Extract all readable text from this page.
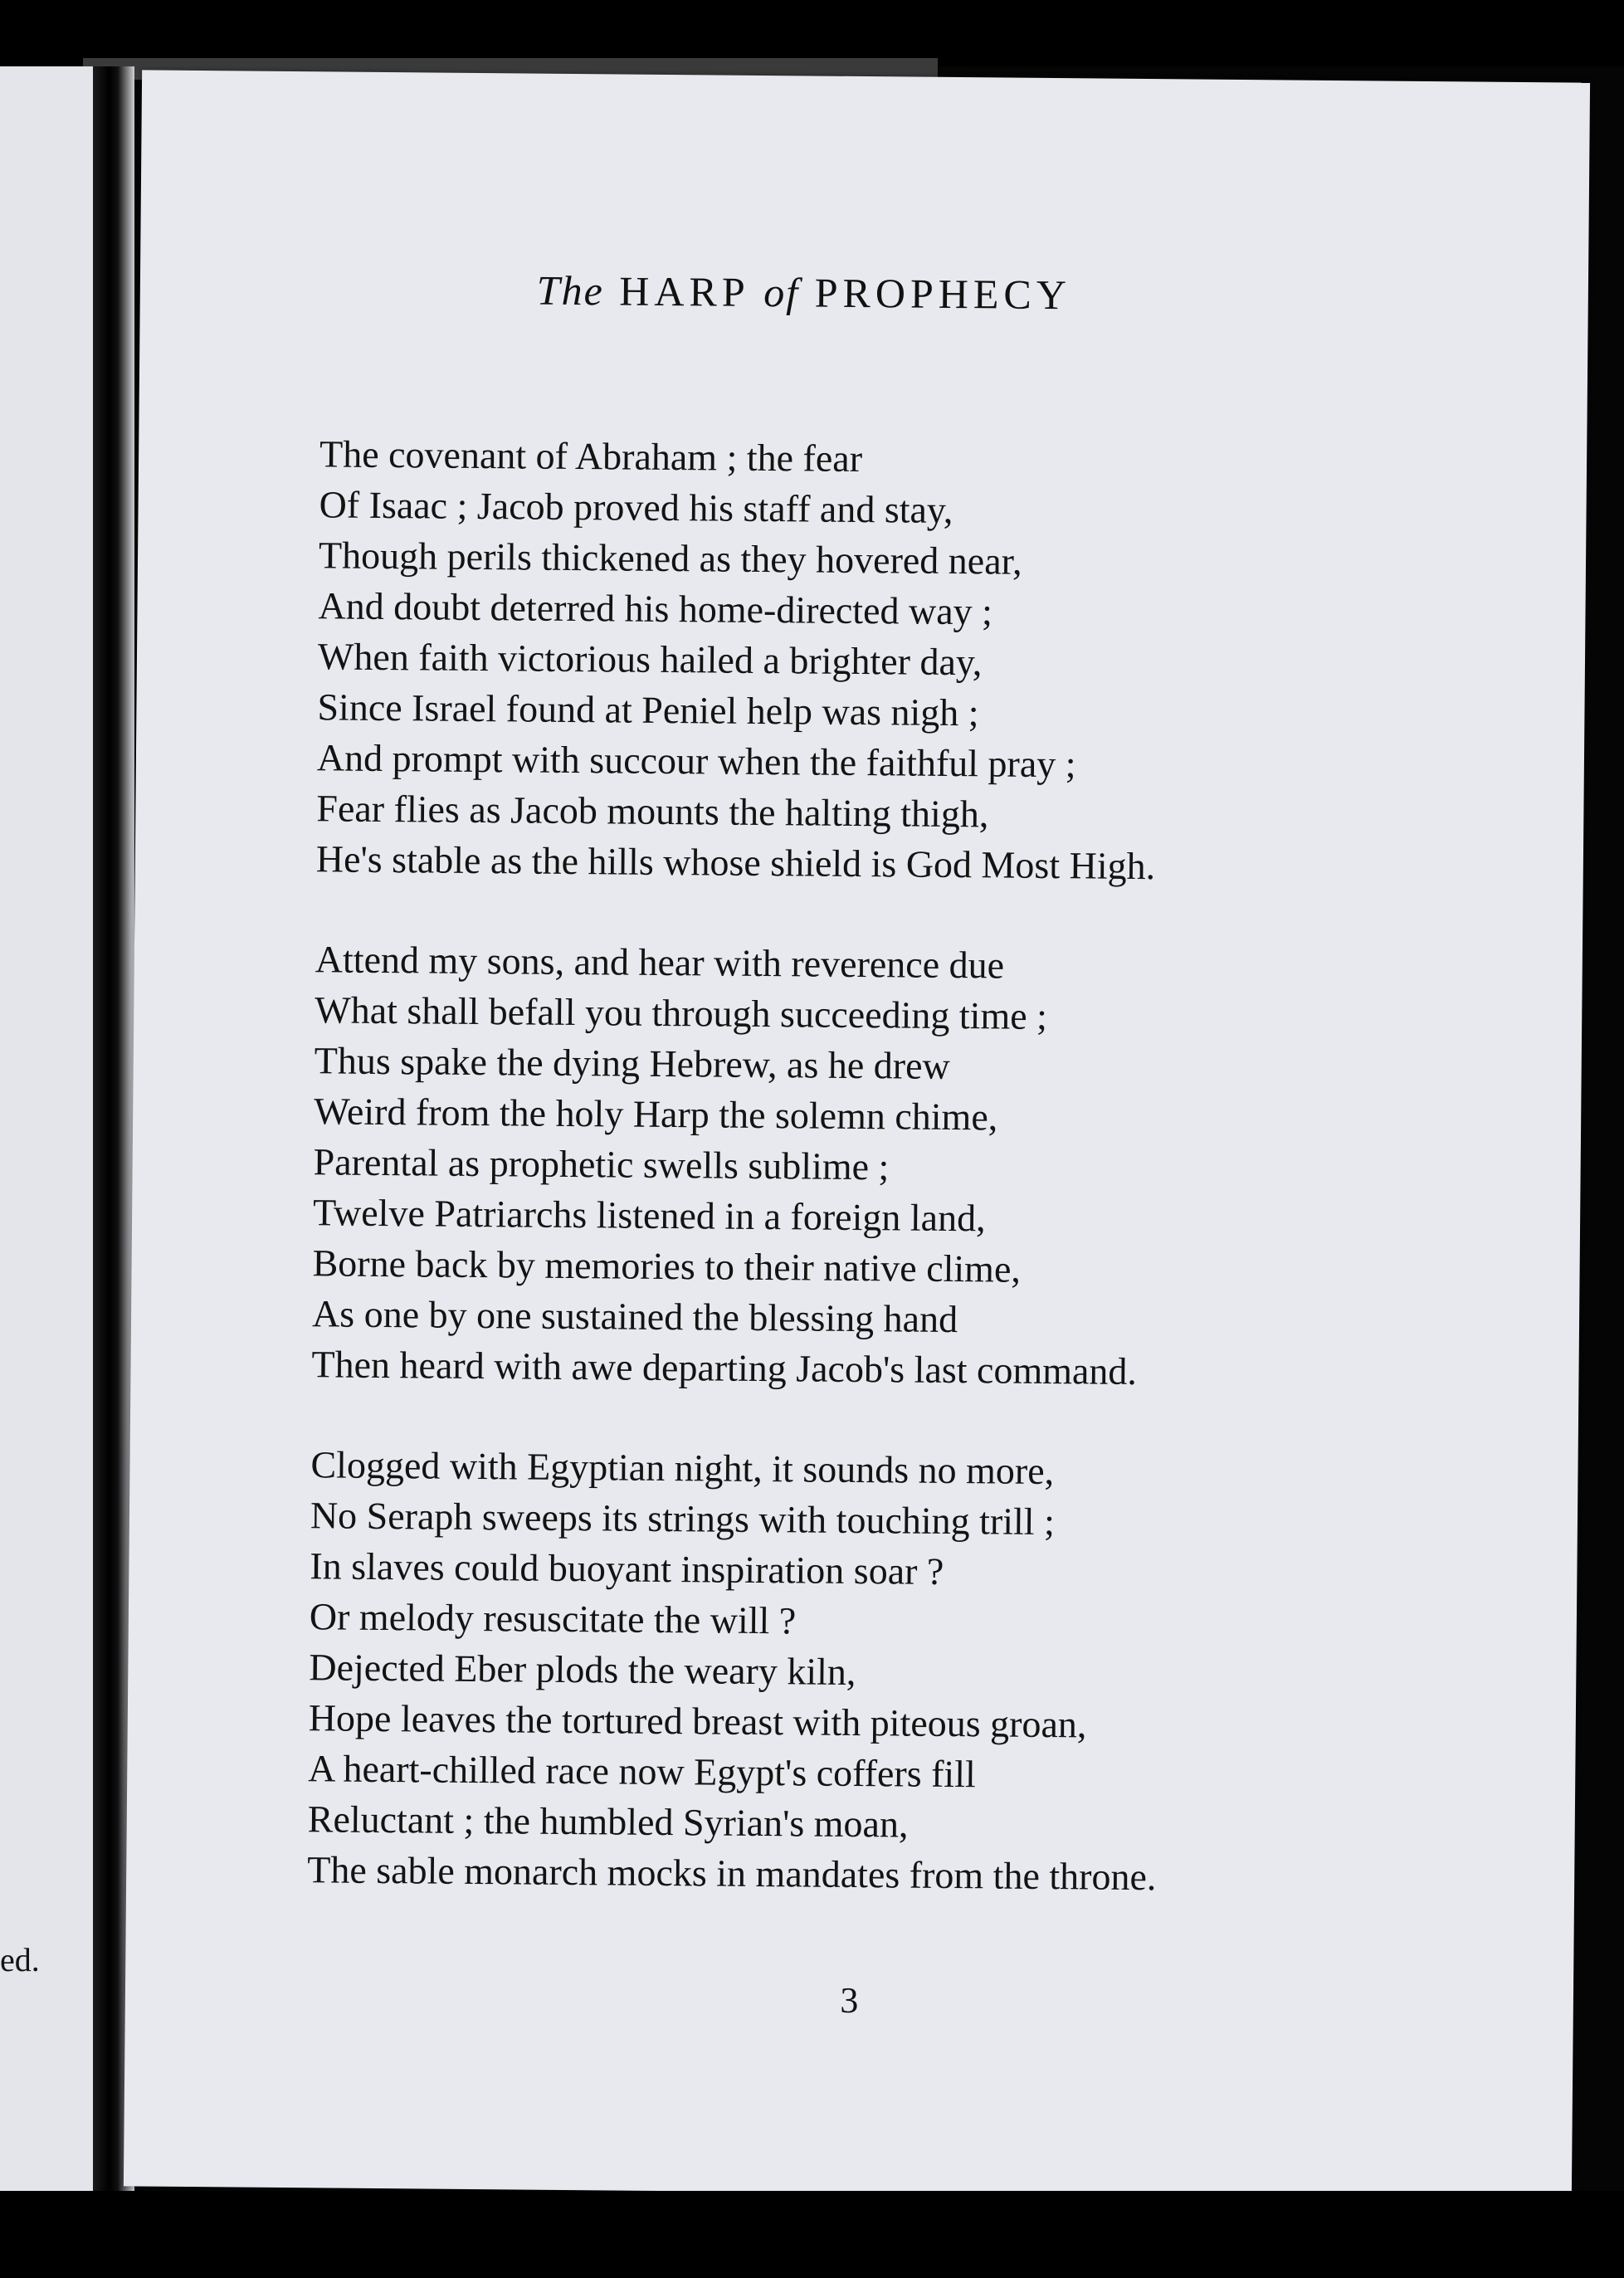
ed.

The HARP of PROPHECY
The covenant of Abraham ; the fear
Of Isaac ; Jacob proved his staff and stay,
Though perils thickened as they hovered near,
And doubt deterred his home-directed way ;
When faith victorious hailed a brighter day,
Since Israel found at Peniel help was nigh ;
And prompt with succour when the faithful pray ;
Fear flies as Jacob mounts the halting thigh,
He's stable as the hills whose shield is God Most High.
Attend my sons, and hear with reverence due
What shall befall you through succeeding time ;
Thus spake the dying Hebrew, as he drew
Weird from the holy Harp the solemn chime,
Parental as prophetic swells sublime ;
Twelve Patriarchs listened in a foreign land,
Borne back by memories to their native clime,
As one by one sustained the blessing hand
Then heard with awe departing Jacob's last command.
Clogged with Egyptian night, it sounds no more,
No Seraph sweeps its strings with touching trill ;
In slaves could buoyant inspiration soar ?
Or melody resuscitate the will ?
Dejected Eber plods the weary kiln,
Hope leaves the tortured breast with piteous groan,
A heart-chilled race now Egypt's coffers fill
Reluctant ; the humbled Syrian's moan,
The sable monarch mocks in mandates from the throne.

3
